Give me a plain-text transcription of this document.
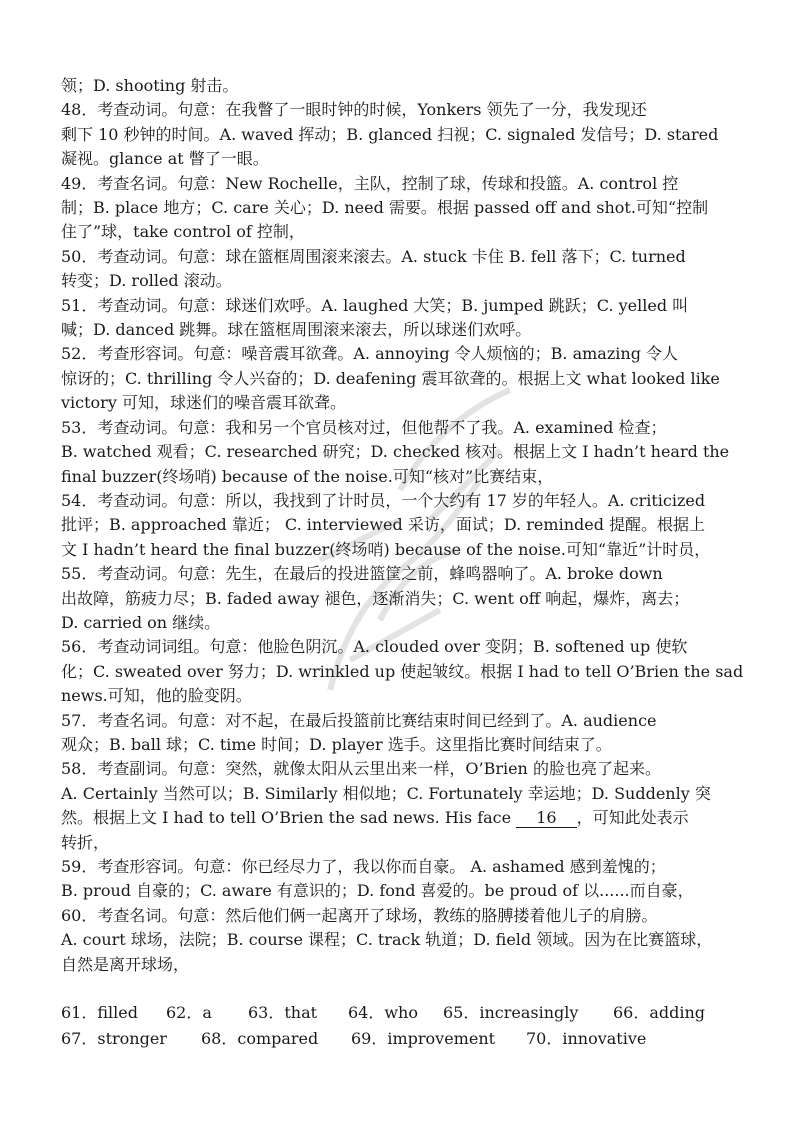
领；D. shooting 射击。
48．考查动词。句意：在我瞥了一眼时钟的时候，Yonkers 领先了一分，我发现还
剩下 10 秒钟的时间。A. waved 挥动；B. glanced 扫视；C. signaled 发信号；D. stared
凝视。glance at 瞥了一眼。
49．考查名词。句意：New Rochelle，主队，控制了球，传球和投篮。A. control 控
制；B. place 地方；C. care 关心；D. need 需要。根据 passed off and shot.可知“控制
住了”球，take control of 控制，
50．考查动词。句意：球在篮框周围滚来滚去。A. stuck 卡住 B. fell 落下；C. turned
转变；D. rolled 滚动。
51．考查动词。句意：球迷们欢呼。A. laughed 大笑；B. jumped 跳跃；C. yelled 叫
喊；D. danced 跳舞。球在篮框周围滚来滚去，所以球迷们欢呼。
52．考查形容词。句意：噪音震耳欲聋。A. annoying 令人烦恼的；B. amazing 令人
惊讶的；C. thrilling 令人兴奋的；D. deafening 震耳欲聋的。根据上文 what looked like
victory 可知，球迷们的噪音震耳欲聋。
53．考查动词。句意：我和另一个官员核对过，但他帮不了我。A. examined 检查；
B. watched 观看；C. researched 研究；D. checked 核对。根据上文 I hadn’t heard the
final buzzer(终场哨) because of the noise.可知“核对”比赛结束，
54．考查动词。句意：所以，我找到了计时员，一个大约有 17 岁的年轻人。A. criticized
批评；B. approached 靠近； C. interviewed 采访，面试；D. reminded 提醒。根据上
文 I hadn’t heard the final buzzer(终场哨) because of the noise.可知“靠近”计时员，
55．考查动词。句意：先生，在最后的投进篮筐之前，蜂鸣器响了。A. broke down
出故障，筋疲力尽；B. faded away 褪色，逐渐消失；C. went off 响起，爆炸，离去；
D. carried on 继续。
56．考查动词词组。句意：他脸色阴沉。A. clouded over 变阴；B. softened up 使软
化；C. sweated over 努力；D. wrinkled up 使起皱纹。根据 I had to tell O’Brien the sad
news.可知，他的脸变阴。
57．考查名词。句意：对不起，在最后投篮前比赛结束时间已经到了。A. audience
观众；B. ball 球；C. time 时间；D. player 选手。这里指比赛时间结束了。
58．考查副词。句意：突然，就像太阳从云里出来一样，O’Brien 的脸也亮了起来。
A. Certainly 当然可以；B. Similarly 相似地；C. Fortunately 幸运地；D. Suddenly 突
然。根据上文 I had to tell O’Brien the sad news. His face 16 ，可知此处表示
转折，
59．考查形容词。句意：你已经尽力了，我以你而自豪。 A. ashamed 感到羞愧的；
B. proud 自豪的；C. aware 有意识的；D. fond 喜爱的。be proud of 以......而自豪，
60．考查名词。句意：然后他们俩一起离开了球场，教练的胳膊搂着他儿子的肩膀。
A. court 球场，法院；B. course 课程；C. track 轨道；D. field 领域。因为在比赛篮球，
自然是离开球场，
61．filled 62．a 63．that 64．who 65．increasingly 66．adding
67．stronger 68．compared 69．improvement 70．innovative
